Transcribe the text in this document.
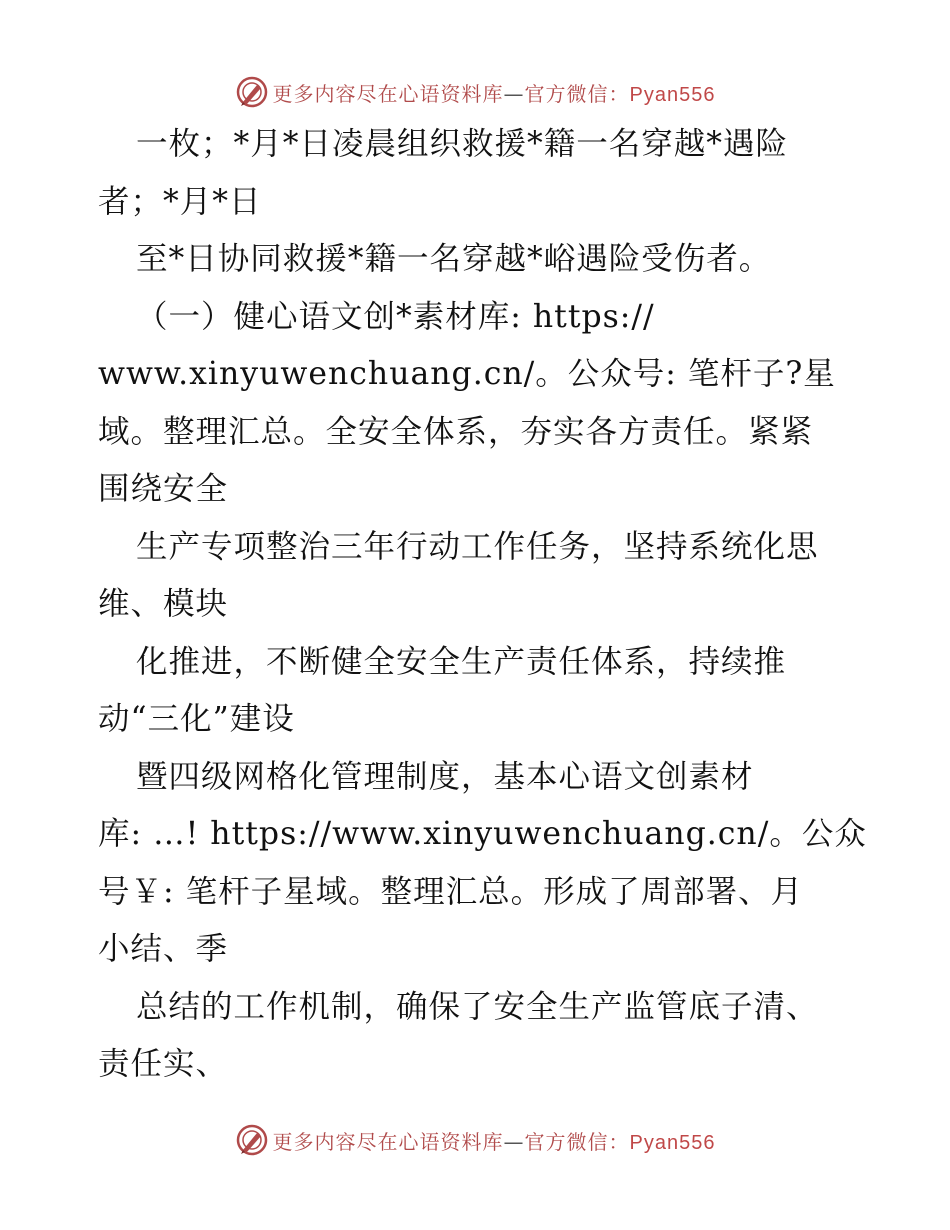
更多内容尽在心语资料库—官方微信：Pyan556
一枚；*月*日凌晨组织救援*籍一名穿越*遇险
者；*月*日
至*日协同救援*籍一名穿越*峪遇险受伤者。
（一）健心语文创*素材库: https://
www.xinyuwenchuang.cn/。公众号: 笔杆子?星
域。整理汇总。全安全体系，夯实各方责任。紧紧
围绕安全
生产专项整治三年行动工作任务，坚持系统化思
维、模块
化推进，不断健全安全生产责任体系，持续推
动“三化”建设
暨四级网格化管理制度，基本心语文创素材
库: …! https://www.xinyuwenchuang.cn/。公众
号￥: 笔杆子星域。整理汇总。形成了周部署、月
小结、季
总结的工作机制，确保了安全生产监管底子清、
责任实、
更多内容尽在心语资料库—官方微信：Pyan556
